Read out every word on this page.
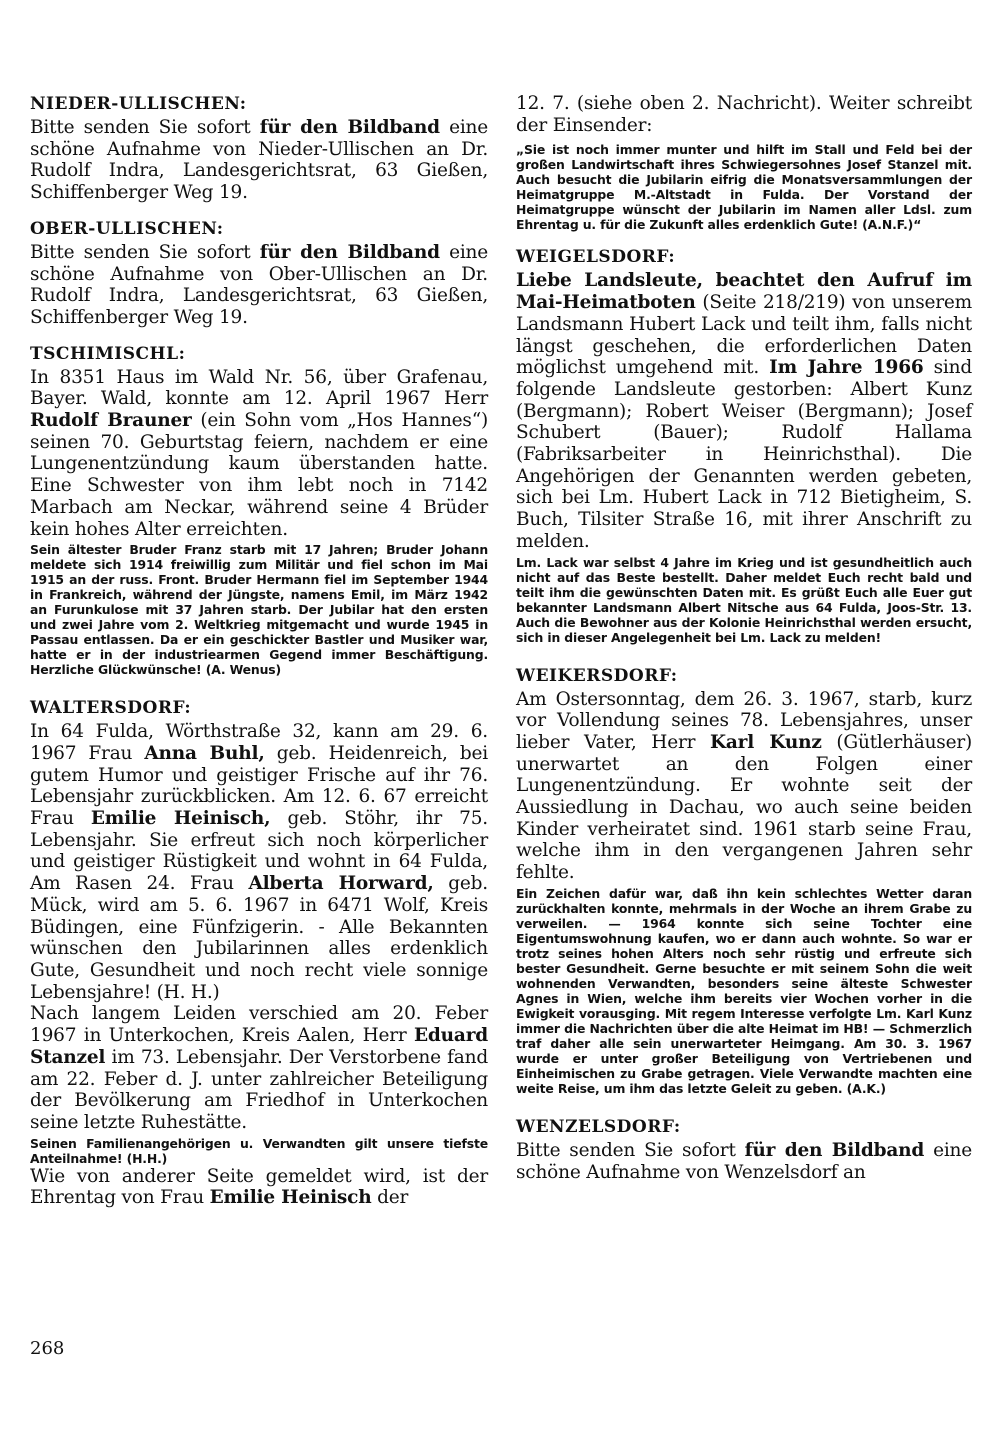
NIEDER-ULLISCHEN:

Bitte senden Sie sofort für den Bildband eine schöne Aufnahme von Nieder-Ullischen an Dr. Rudolf Indra, Landesgerichtsrat, 63 Gießen, Schiffenberger Weg 19.

OBER-ULLISCHEN:

Bitte senden Sie sofort für den Bildband eine schöne Aufnahme von Ober-Ullischen an Dr. Rudolf Indra, Landesgerichtsrat, 63 Gießen, Schiffenberger Weg 19.

TSCHIMISCHL:

In 8351 Haus im Wald Nr. 56, über Grafenau, Bayer. Wald, konnte am 12. April 1967 Herr Rudolf Brauner (ein Sohn vom „Hos Hannes“) seinen 70. Geburtstag feiern, nachdem er eine Lungenentzündung kaum überstanden hatte. Eine Schwester von ihm lebt noch in 7142 Marbach am Neckar, während seine 4 Brüder kein hohes Alter erreichten.

Sein ältester Bruder Franz starb mit 17 Jahren; Bruder Johann meldete sich 1914 freiwillig zum Militär und fiel schon im Mai 1915 an der russ. Front. Bruder Hermann fiel im September 1944 in Frankreich, während der Jüngste, namens Emil, im März 1942 an Furunkulose mit 37 Jahren starb. Der Jubilar hat den ersten und zwei Jahre vom 2. Weltkrieg mitgemacht und wurde 1945 in Passau entlassen. Da er ein geschickter Bastler und Musiker war, hatte er in der industriearmen Gegend immer Beschäftigung. Herzliche Glückwünsche! (A. Wenus)

WALTERSDORF:

In 64 Fulda, Wörthstraße 32, kann am 29. 6. 1967 Frau Anna Buhl, geb. Heidenreich, bei gutem Humor und geistiger Frische auf ihr 76. Lebensjahr zurückblicken. Am 12. 6. 67 erreicht Frau Emilie Heinisch, geb. Stöhr, ihr 75. Lebensjahr. Sie erfreut sich noch körperlicher und geistiger Rüstigkeit und wohnt in 64 Fulda, Am Rasen 24. Frau Alberta Horward, geb. Mück, wird am 5. 6. 1967 in 6471 Wolf, Kreis Büdingen, eine Fünfzigerin. - Alle Bekannten wünschen den Jubilarinnen alles erdenklich Gute, Gesundheit und noch recht viele sonnige Lebensjahre! (H. H.)

Nach langem Leiden verschied am 20. Feber 1967 in Unterkochen, Kreis Aalen, Herr Eduard Stanzel im 73. Lebensjahr. Der Verstorbene fand am 22. Feber d. J. unter zahlreicher Beteiligung der Bevölkerung am Friedhof in Unterkochen seine letzte Ruhestätte.

Seinen Familienangehörigen u. Verwandten gilt unsere tiefste Anteilnahme! (H.H.)

Wie von anderer Seite gemeldet wird, ist der Ehrentag von Frau Emilie Heinisch der

12. 7. (siehe oben 2. Nachricht). Weiter schreibt der Einsender:

„Sie ist noch immer munter und hilft im Stall und Feld bei der großen Landwirtschaft ihres Schwiegersohnes Josef Stanzel mit. Auch besucht die Jubilarin eifrig die Monatsversammlungen der Heimatgruppe M.-Altstadt in Fulda. Der Vorstand der Heimatgruppe wünscht der Jubilarin im Namen aller Ldsl. zum Ehrentag u. für die Zukunft alles erdenklich Gute! (A.N.F.)“

WEIGELSDORF:

Liebe Landsleute, beachtet den Aufruf im Mai-Heimatboten (Seite 218/219) von unserem Landsmann Hubert Lack und teilt ihm, falls nicht längst geschehen, die erforderlichen Daten möglichst umgehend mit. Im Jahre 1966 sind folgende Landsleute gestorben: Albert Kunz (Bergmann); Robert Weiser (Bergmann); Josef Schubert (Bauer); Rudolf Hallama (Fabriksarbeiter in Heinrichsthal). Die Angehörigen der Genannten werden gebeten, sich bei Lm. Hubert Lack in 712 Bietigheim, S. Buch, Tilsiter Straße 16, mit ihrer Anschrift zu melden.

Lm. Lack war selbst 4 Jahre im Krieg und ist gesundheitlich auch nicht auf das Beste bestellt. Daher meldet Euch recht bald und teilt ihm die gewünschten Daten mit. Es grüßt Euch alle Euer gut bekannter Landsmann Albert Nitsche aus 64 Fulda, Joos-Str. 13. Auch die Bewohner aus der Kolonie Heinrichsthal werden ersucht, sich in dieser Angelegenheit bei Lm. Lack zu melden!

WEIKERSDORF:

Am Ostersonntag, dem 26. 3. 1967, starb, kurz vor Vollendung seines 78. Lebensjahres, unser lieber Vater, Herr Karl Kunz (Gütlerhäuser) unerwartet an den Folgen einer Lungenentzündung. Er wohnte seit der Aussiedlung in Dachau, wo auch seine beiden Kinder verheiratet sind. 1961 starb seine Frau, welche ihm in den vergangenen Jahren sehr fehlte.

Ein Zeichen dafür war, daß ihn kein schlechtes Wetter daran zurückhalten konnte, mehrmals in der Woche an ihrem Grabe zu verweilen. — 1964 konnte sich seine Tochter eine Eigentumswohnung kaufen, wo er dann auch wohnte. So war er trotz seines hohen Alters noch sehr rüstig und erfreute sich bester Gesundheit. Gerne besuchte er mit seinem Sohn die weit wohnenden Verwandten, besonders seine älteste Schwester Agnes in Wien, welche ihm bereits vier Wochen vorher in die Ewigkeit vorausging. Mit regem Interesse verfolgte Lm. Karl Kunz immer die Nachrichten über die alte Heimat im HB! — Schmerzlich traf daher alle sein unerwarteter Heimgang. Am 30. 3. 1967 wurde er unter großer Beteiligung von Vertriebenen und Einheimischen zu Grabe getragen. Viele Verwandte machten eine weite Reise, um ihm das letzte Geleit zu geben. (A.K.)

WENZELSDORF:

Bitte senden Sie sofort für den Bildband eine schöne Aufnahme von Wenzelsdorf an

268
